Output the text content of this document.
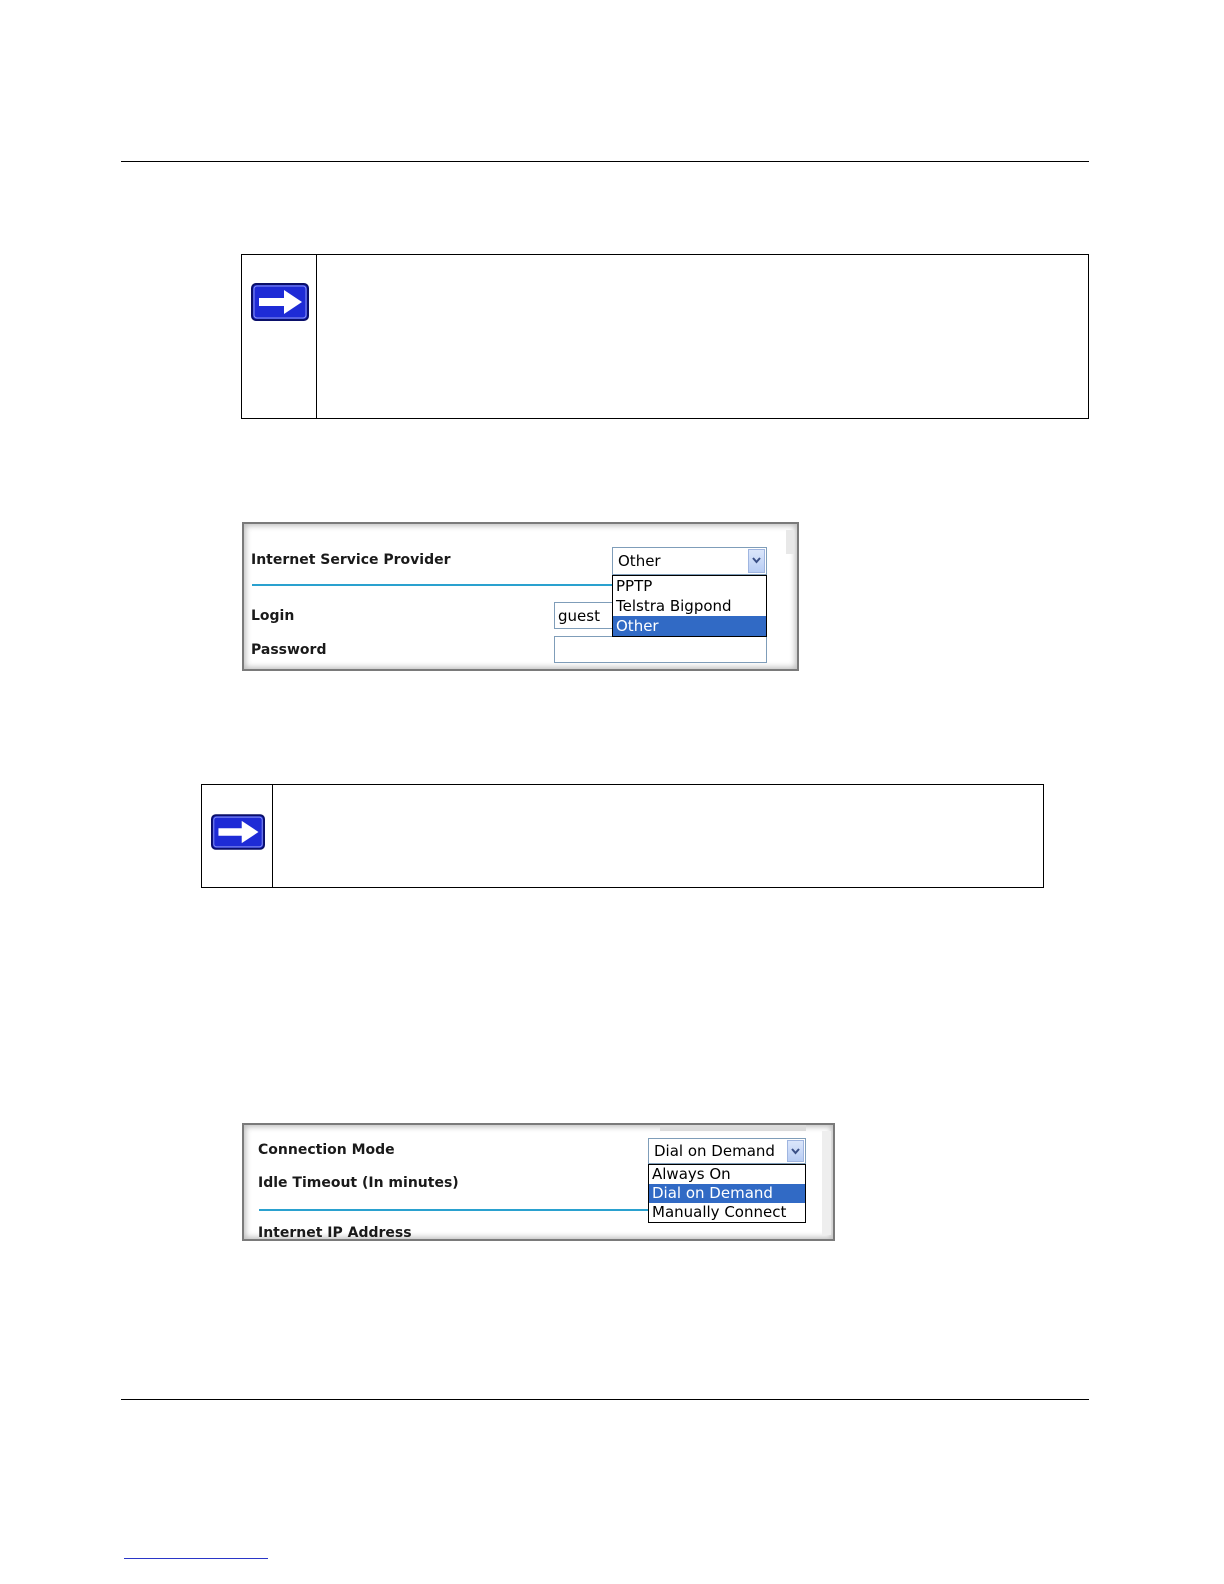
Internet Service Provider
Login
Password
guest
Other
PPTP
Telstra Bigpond
Other
Connection Mode
Idle Timeout (In minutes)
Internet IP Address
Dial on Demand
Always On
Dial on Demand
Manually Connect
